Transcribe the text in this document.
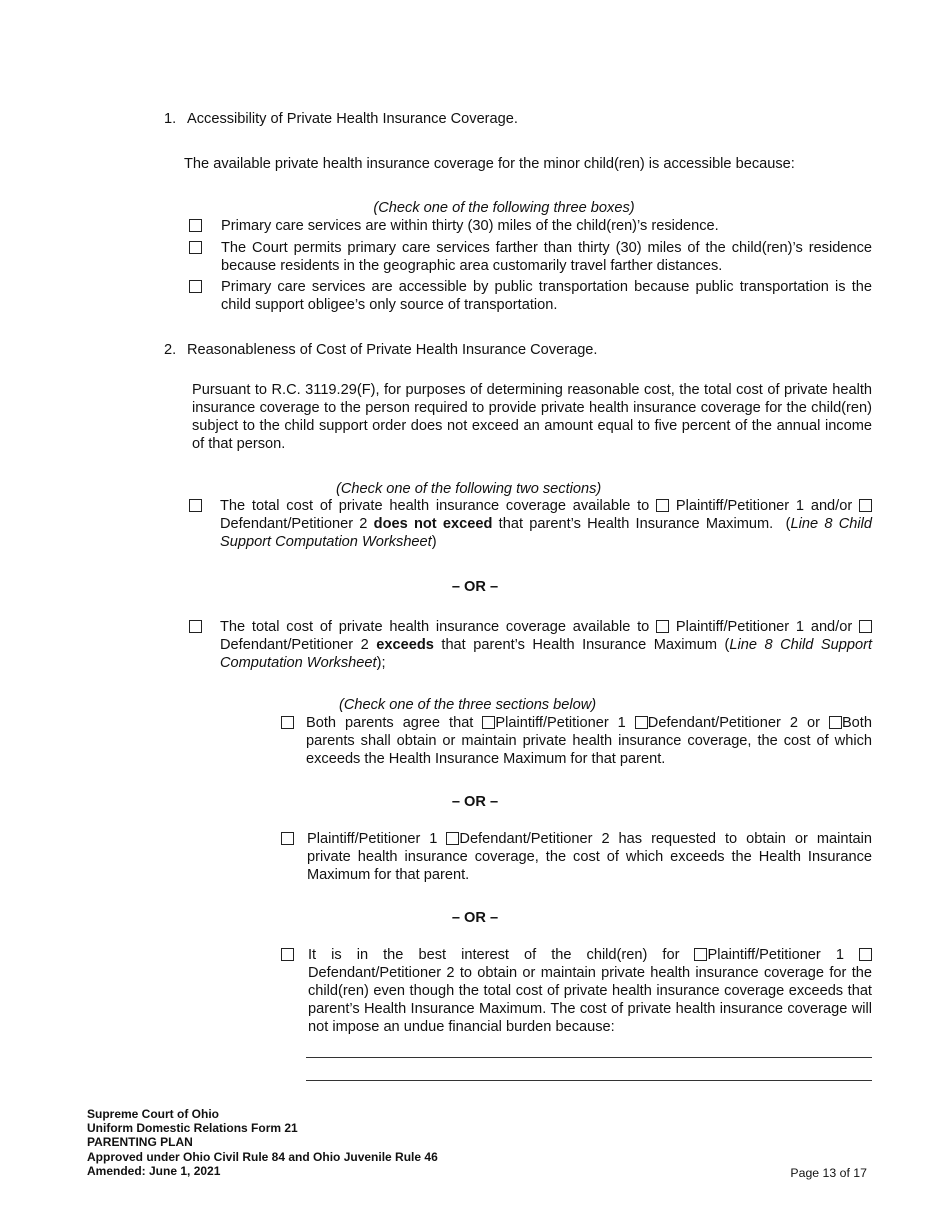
1. Accessibility of Private Health Insurance Coverage.
The available private health insurance coverage for the minor child(ren) is accessible because:
(Check one of the following three boxes)
Primary care services are within thirty (30) miles of the child(ren)’s residence.
The Court permits primary care services farther than thirty (30) miles of the child(ren)’s residence because residents in the geographic area customarily travel farther distances.
Primary care services are accessible by public transportation because public transportation is the child support obligee’s only source of transportation.
2. Reasonableness of Cost of Private Health Insurance Coverage.
Pursuant to R.C. 3119.29(F), for purposes of determining reasonable cost, the total cost of private health insurance coverage to the person required to provide private health insurance coverage for the child(ren) subject to the child support order does not exceed an amount equal to five percent of the annual income of that person.
(Check one of the following two sections)
The total cost of private health insurance coverage available to Plaintiff/Petitioner 1 and/or  Defendant/Petitioner 2 does not exceed that parent’s Health Insurance Maximum.  (Line 8 Child Support Computation Worksheet)
– OR –
The total cost of private health insurance coverage available to Plaintiff/Petitioner 1 and/or  Defendant/Petitioner 2 exceeds that parent’s Health Insurance Maximum (Line 8 Child Support Computation Worksheet);
(Check one of the three sections below)
Both parents agree that Plaintiff/Petitioner 1 Defendant/Petitioner 2 or Both parents shall obtain or maintain private health insurance coverage, the cost of which exceeds the Health Insurance Maximum for that parent.
– OR –
Plaintiff/Petitioner 1 Defendant/Petitioner 2 has requested to obtain or maintain private health insurance coverage, the cost of which exceeds the Health Insurance Maximum for that parent.
– OR –
It is in the best interest of the child(ren) for Plaintiff/Petitioner 1 Defendant/Petitioner 2 to obtain or maintain private health insurance coverage for the child(ren) even though the total cost of private health insurance coverage exceeds that parent’s Health Insurance Maximum. The cost of private health insurance coverage will not impose an undue financial burden because:
Supreme Court of Ohio
Uniform Domestic Relations Form 21
PARENTING PLAN
Approved under Ohio Civil Rule 84 and Ohio Juvenile Rule 46
Amended: June 1, 2021	Page 13 of 17
